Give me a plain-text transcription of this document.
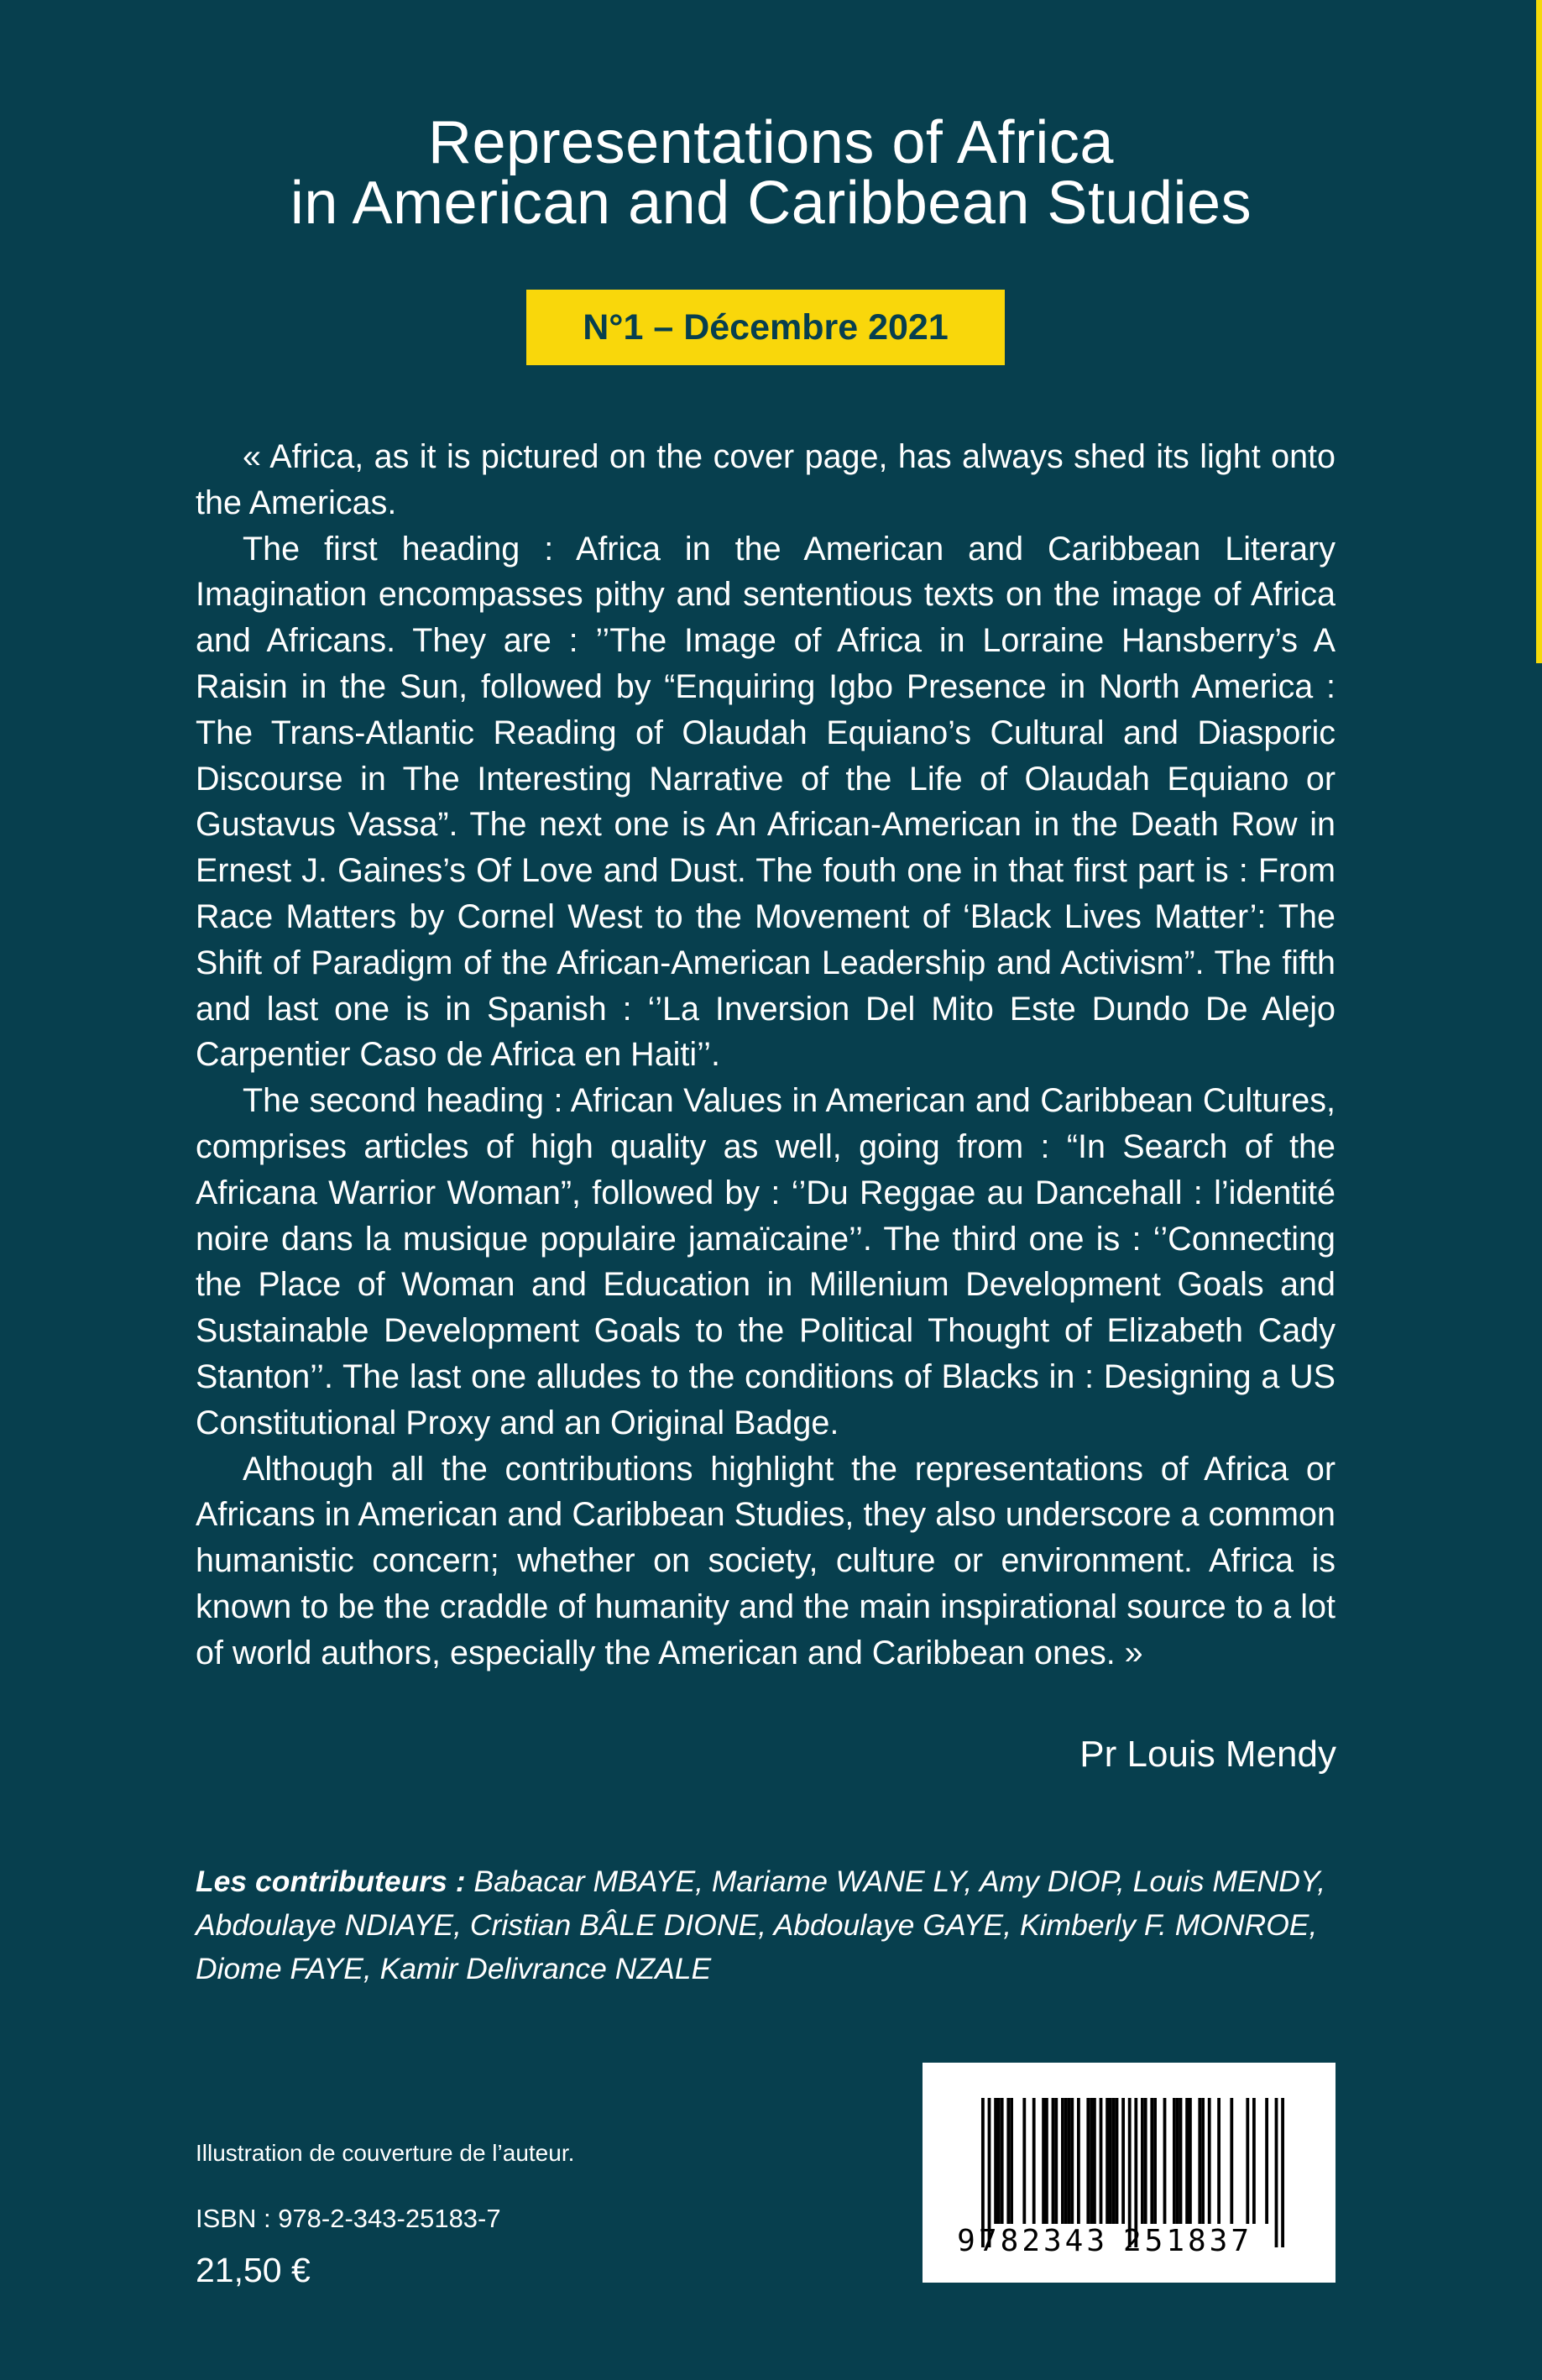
Representations of Africa
in American and Caribbean Studies
N°1 – Décembre 2021

« Africa, as it is pictured on the cover page, has always shed its light onto the Americas.

The first heading : Africa in the American and Caribbean Literary Imagination encompasses pithy and sententious texts on the image of Africa and Africans. They are : ’’The Image of Africa in Lorraine Hansberry’s A Raisin in the Sun, followed by “Enquiring Igbo Presence in North America : The Trans-Atlantic Reading of Olaudah Equiano’s Cultural and Diasporic Discourse in The Interesting Narrative of the Life of Olaudah Equiano or Gustavus Vassa”. The next one is An African-American in the Death Row in Ernest J. Gaines’s Of Love and Dust. The fouth one in that first part is : From Race Matters by Cornel West to the Movement of ‘Black Lives Matter’: The Shift of Paradigm of the African-American Leadership and Activism”. The fifth and last one is in Spanish : ‘’La Inversion Del Mito Este Dundo De Alejo Carpentier Caso de Africa en Haiti’’.

The second heading : African Values in American and Caribbean Cultures, comprises articles of high quality as well, going from : “In Search of the Africana Warrior Woman”, followed by : ‘’Du Reggae au Dancehall : l’identité noire dans la musique populaire jamaïcaine’’. The third one is : ‘’Connecting the Place of Woman and Education in Millenium Development Goals and Sustainable Development Goals to the Political Thought of Elizabeth Cady Stanton’’. The last one alludes to the conditions of Blacks in : Designing a US Constitutional Proxy and an Original Badge.

Although all the contributions highlight the representations of Africa or Africans in American and Caribbean Studies, they also underscore a common humanistic concern; whether on society, culture or environment. Africa is known to be the craddle of humanity and the main inspirational source to a lot of world authors, especially the American and Caribbean ones. »

Pr Louis Mendy
Les contributeurs : Babacar MBAYE, Mariame WANE LY, Amy DIOP, Louis MENDY, Abdoulaye NDIAYE, Cristian BÂLE DIONE, Abdoulaye GAYE, Kimberly F. MONROE, Diome FAYE, Kamir Delivrance NZALE
Illustration de couverture de l’auteur.
ISBN : 978-2-343-25183-7
21,50 €
9 782343 251837
